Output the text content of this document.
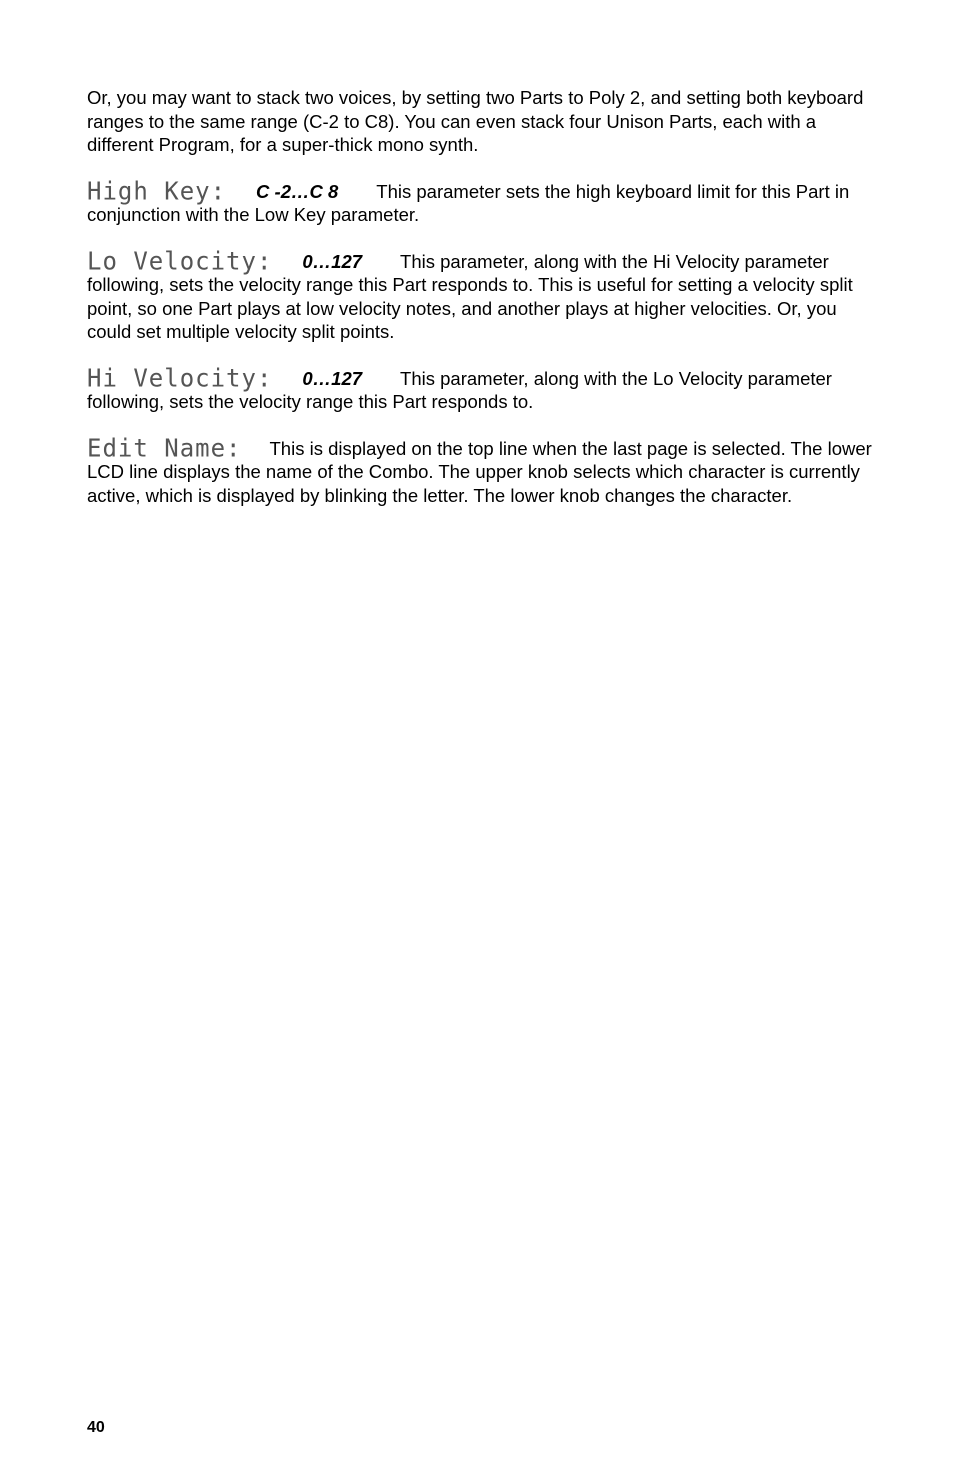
Or, you may want to stack two voices, by setting two Parts to Poly 2, and setting both keyboard ranges to the same range (C-2 to C8). You can even stack four Unison Parts, each with a different Program, for a super-thick mono synth.

High Key: C -2…C 8 This parameter sets the high keyboard limit for this Part in conjunction with the Low Key parameter.

Lo Velocity: 0…127 This parameter, along with the Hi Velocity parameter following, sets the velocity range this Part responds to. This is useful for setting a velocity split point, so one Part plays at low velocity notes, and another plays at higher velocities. Or, you could set multiple velocity split points.

Hi Velocity: 0…127 This parameter, along with the Lo Velocity parameter following, sets the velocity range this Part responds to.

Edit Name: This is displayed on the top line when the last page is selected. The lower LCD line displays the name of the Combo. The upper knob selects which character is currently active, which is displayed by blinking the letter. The lower knob changes the character.

40
